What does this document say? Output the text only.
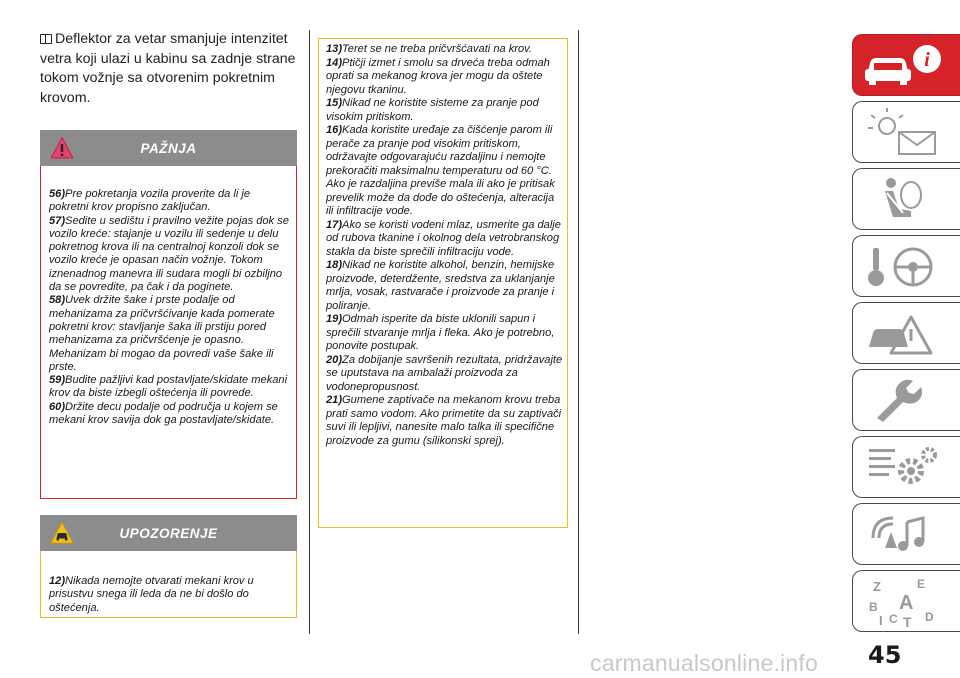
Deflektor za vetar smanjuje intenzitet vetra koji ulazi u kabinu sa zadnje strane tokom vožnje sa otvorenim pokretnim krovom.

PAŽNJA
56)Pre pokretanja vozila proverite da li je pokretni krov propisno zaključan.
57)Sedite u sedištu i pravilno vežite pojas dok se vozilo kreće: stajanje u vozilu ili sedenje u delu pokretnog krova ili na centralnoj konzoli dok se vozilo kreće je opasan način vožnje. Tokom iznenadnog manevra ili sudara mogli bi ozbiljno da se povredite, pa čak i da poginete.
58)Uvek držite šake i prste podalje od mehanizama za pričvršćivanje kada pomerate pokretni krov: stavljanje šaka ili prstiju pored mehanizama za pričvršćenje je opasno. Mehanizam bi mogao da povredi vaše šake ili prste.
59)Budite pažljivi kad postavljate/skidate mekani krov da biste izbegli oštećenja ili povrede.
60)Držite decu podalje od područja u kojem se mekani krov savija dok ga postavljate/skidate.
UPOZORENJE
12)Nikada nemojte otvarati mekani krov u prisustvu snega ili leda da ne bi došlo do oštećenja.
13)Teret se ne treba pričvršćavati na krov.
14)Ptičji izmet i smolu sa drveća treba odmah oprati sa mekanog krova jer mogu da oštete njegovu tkaninu.
15)Nikad ne koristite sisteme za pranje pod visokim pritiskom.
16)Kada koristite uređaje za čišćenje parom ili perače za pranje pod visokim pritiskom, održavajte odgovarajuću razdaljinu i nemojte prekoračiti maksimalnu temperaturu od 60 °C. Ako je razdaljina previše mala ili ako je pritisak prevelik može da dođe do oštećenja, alteracija ili infiltracije vode.
17)Ako se koristi vodeni mlaz, usmerite ga dalje od rubova tkanine i okolnog dela vetrobranskog stakla da biste sprečili infiltraciju vode.
18)Nikad ne koristite alkohol, benzin, hemijske proizvode, deterdžente, sredstva za uklanjanje mrlja, vosak, rastvarače i proizvode za pranje i poliranje.
19)Odmah isperite da biste uklonili sapun i sprečili stvaranje mrlja i fleka. Ako je potrebno, ponovite postupak.
20)Za dobijanje savršenih rezultata, pridržavajte se uputstava na ambalaži proizvoda za vodonepropusnost.
21)Gumene zaptivače na mekanom krovu treba prati samo vodom. Ako primetite da su zaptivači suvi ili lepljivi, nanesite malo talka ili specifične proizvode za gumu (silikonski sprej).
i
Z	E
B A
I C T D
45
carmanualsonline.info
